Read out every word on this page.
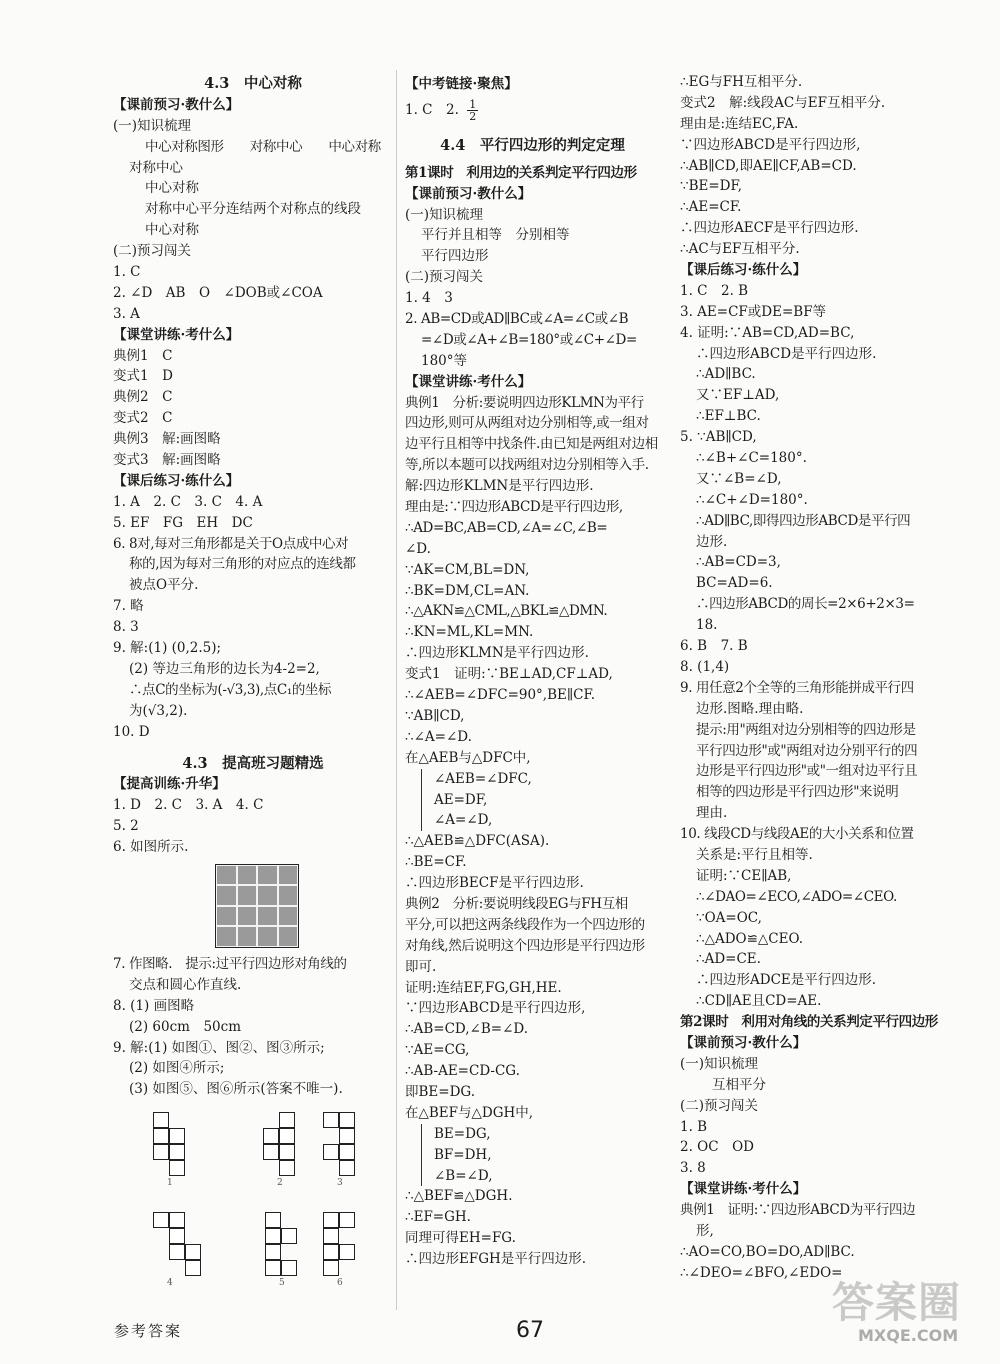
4.3　中心对称
【课前预习·教什么】
(一)知识梳理
中心对称图形　　对称中心　　中心对称
对称中心
中心对称
对称中心平分连结两个对称点的线段
中心对称
(二)预习闯关
1. C
2. ∠D　AB　O　∠DOB或∠COA
3. A
【课堂讲练·考什么】
典例1　C
变式1　D
典例2　C
变式2　C
典例3　解:画图略
变式3　解:画图略
【课后练习·练什么】
1. A　2. C　3. C　4. A
5. EF　FG　EH　DC
6. 8对,每对三角形都是关于O点成中心对
称的,因为每对三角形的对应点的连线都
被点O平分.
7. 略
8. 3
9. 解:(1) (0,2.5);
(2) 等边三角形的边长为4-2=2,
∴点C的坐标为(-√3,3),点C₁的坐标
为(√3,2).
10. D
4.3　提高班习题精选
【提高训练·升华】
1. D　2. C　3. A　4. C
5. 2
6. 如图所示.
7. 作图略.　提示:过平行四边形对角线的
交点和圆心作直线.
8. (1) 画图略
(2) 60cm　50cm
9. 解:(1) 如图①、图②、图③所示;
(2) 如图④所示;
(3) 如图⑤、图⑥所示(答案不唯一).
1	2	3
4	5	6
【中考链接·聚焦】
1. C　2. $\frac{1}{2}$
4.4　平行四边形的判定定理
第1课时　利用边的关系判定平行四边形
【课前预习·教什么】
(一)知识梳理
平行并且相等　分别相等
平行四边形
(二)预习闯关
1. 4　3
2. AB=CD或AD∥BC或∠A=∠C或∠B
=∠D或∠A+∠B=180°或∠C+∠D=
180°等
【课堂讲练·考什么】
典例1　分析:要说明四边形KLMN为平行
四边形,则可从两组对边分别相等,或一组对
边平行且相等中找条件.由已知是两组对边相
等,所以本题可以找两组对边分别相等入手.
解:四边形KLMN是平行四边形.
理由是:∵四边形ABCD是平行四边形,
∴AD=BC,AB=CD,∠A=∠C,∠B=
∠D.
∵AK=CM,BL=DN,
∴BK=DM,CL=AN.
∴△AKN≌△CML,△BKL≌△DMN.
∴KN=ML,KL=MN.
∴四边形KLMN是平行四边形.
变式1　证明:∵BE⊥AD,CF⊥AD,
∴∠AEB=∠DFC=90°,BE∥CF.
∵AB∥CD,
∴∠A=∠D.
在△AEB与△DFC中,
∠AEB=∠DFC,
AE=DF,
∠A=∠D,
∴△AEB≌△DFC(ASA).
∴BE=CF.
∴四边形BECF是平行四边形.
典例2　分析:要说明线段EG与FH互相
平分,可以把这两条线段作为一个四边形的
对角线,然后说明这个四边形是平行四边形
即可.
证明:连结EF,FG,GH,HE.
∵四边形ABCD是平行四边形,
∴AB=CD,∠B=∠D.
∵AE=CG,
∴AB-AE=CD-CG.
即BE=DG.
在△BEF与△DGH中,
BE=DG,
BF=DH,
∠B=∠D,
∴△BEF≌△DGH.
∴EF=GH.
同理可得EH=FG.
∴四边形EFGH是平行四边形.
∴EG与FH互相平分.
变式2　解:线段AC与EF互相平分.
理由是:连结EC,FA.
∵四边形ABCD是平行四边形,
∴AB∥CD,即AE∥CF,AB=CD.
∵BE=DF,
∴AE=CF.
∴四边形AECF是平行四边形.
∴AC与EF互相平分.
【课后练习·练什么】
1. C　2. B
3. AE=CF或DE=BF等
4. 证明:∵AB=CD,AD=BC,
∴四边形ABCD是平行四边形.
∴AD∥BC.
又∵EF⊥AD,
∴EF⊥BC.
5. ∵AB∥CD,
∴∠B+∠C=180°.
又∵∠B=∠D,
∴∠C+∠D=180°.
∴AD∥BC,即得四边形ABCD是平行四
边形.
∴AB=CD=3,
BC=AD=6.
∴四边形ABCD的周长=2×6+2×3=
18.
6. B　7. B
8. (1,4)
9. 用任意2个全等的三角形能拼成平行四
边形.图略.理由略.
提示:用"两组对边分别相等的四边形是
平行四边形"或"两组对边分别平行的四
边形是平行四边形"或"一组对边平行且
相等的四边形是平行四边形"来说明
理由.
10. 线段CD与线段AE的大小关系和位置
关系是:平行且相等.
证明:∵CE∥AB,
∴∠DAO=∠ECO,∠ADO=∠CEO.
∵OA=OC,
∴△ADO≌△CEO.
∴AD=CE.
∴四边形ADCE是平行四边形.
∴CD∥AE且CD=AE.
第2课时　利用对角线的关系判定平行四边形
【课前预习·教什么】
(一)知识梳理
互相平分
(二)预习闯关
1. B
2. OC　OD
3. 8
【课堂讲练·考什么】
典例1　证明:∵四边形ABCD为平行四边
形,
∴AO=CO,BO=DO,AD∥BC.
∴∠DEO=∠BFO,∠EDO=
参考答案	67
答案圈
MXQE.COM
